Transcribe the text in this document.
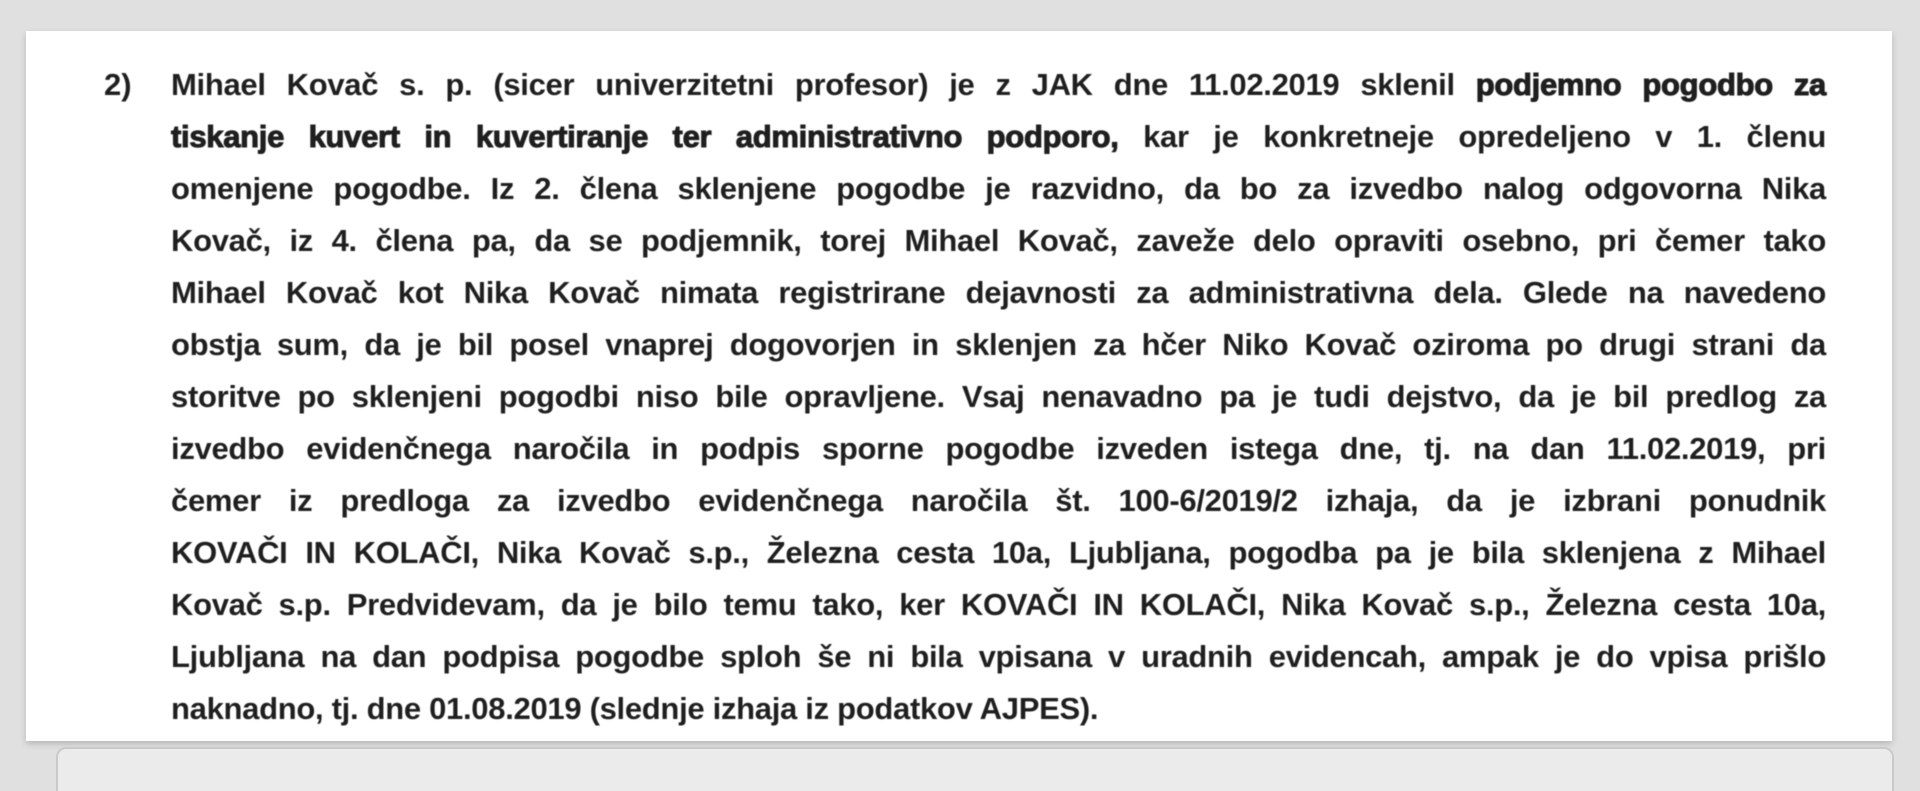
2) Mihael Kovač s. p. (sicer univerzitetni profesor) je z JAK dne 11.02.2019 sklenil podjemno pogodbo za
tiskanje kuvert in kuvertiranje ter administrativno podporo, kar je konkretneje opredeljeno v 1. členu
omenjene pogodbe. Iz 2. člena sklenjene pogodbe je razvidno, da bo za izvedbo nalog odgovorna Nika
Kovač, iz 4. člena pa, da se podjemnik, torej Mihael Kovač, zaveže delo opraviti osebno, pri čemer tako
Mihael Kovač kot Nika Kovač nimata registrirane dejavnosti za administrativna dela. Glede na navedeno
obstja sum, da je bil posel vnaprej dogovorjen in sklenjen za hčer Niko Kovač oziroma po drugi strani da
storitve po sklenjeni pogodbi niso bile opravljene. Vsaj nenavadno pa je tudi dejstvo, da je bil predlog za
izvedbo evidenčnega naročila in podpis sporne pogodbe izveden istega dne, tj. na dan 11.02.2019, pri
čemer iz predloga za izvedbo evidenčnega naročila št. 100-6/2019/2 izhaja, da je izbrani ponudnik
KOVAČI IN KOLAČI, Nika Kovač s.p., Železna cesta 10a, Ljubljana, pogodba pa je bila sklenjena z Mihael
Kovač s.p. Predvidevam, da je bilo temu tako, ker KOVAČI IN KOLAČI, Nika Kovač s.p., Železna cesta 10a,
Ljubljana na dan podpisa pogodbe sploh še ni bila vpisana v uradnih evidencah, ampak je do vpisa prišlo
naknadno, tj. dne 01.08.2019 (slednje izhaja iz podatkov AJPES).
